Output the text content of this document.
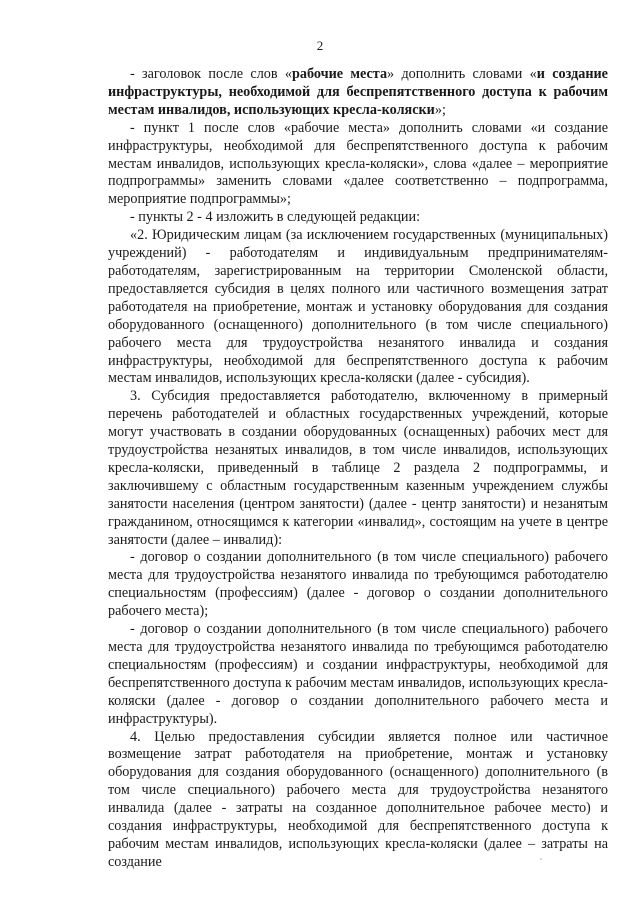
2

- заголовок после слов «рабочие места» дополнить словами «и создание инфраструктуры, необходимой для беспрепятственного доступа к рабочим местам инвалидов, использующих кресла-коляски»;

- пункт 1 после слов «рабочие места» дополнить словами «и создание инфраструктуры, необходимой для беспрепятственного доступа к рабочим местам инвалидов, использующих кресла-коляски», слова «далее – мероприятие подпрограммы» заменить словами «далее соответственно – подпрограмма, мероприятие подпрограммы»;

- пункты 2 - 4 изложить в следующей редакции:

«2. Юридическим лицам (за исключением государственных (муниципальных) учреждений) - работодателям и индивидуальным предпринимателям-работодателям, зарегистрированным на территории Смоленской области, предоставляется субсидия в целях полного или частичного возмещения затрат работодателя на приобретение, монтаж и установку оборудования для создания оборудованного (оснащенного) дополнительного (в том числе специального) рабочего места для трудоустройства незанятого инвалида и создания инфраструктуры, необходимой для беспрепятственного доступа к рабочим местам инвалидов, использующих кресла-коляски (далее - субсидия).

3. Субсидия предоставляется работодателю, включенному в примерный перечень работодателей и областных государственных учреждений, которые могут участвовать в создании оборудованных (оснащенных) рабочих мест для трудоустройства незанятых инвалидов, в том числе инвалидов, использующих кресла-коляски, приведенный в таблице 2 раздела 2 подпрограммы, и заключившему с областным государственным казенным учреждением службы занятости населения (центром занятости) (далее - центр занятости) и незанятым гражданином, относящимся к категории «инвалид», состоящим на учете в центре занятости (далее – инвалид):

- договор о создании дополнительного (в том числе специального) рабочего места для трудоустройства незанятого инвалида по требующимся работодателю специальностям (профессиям) (далее - договор о создании дополнительного рабочего места);

- договор о создании дополнительного (в том числе специального) рабочего места для трудоустройства незанятого инвалида по требующимся работодателю специальностям (профессиям) и создании инфраструктуры, необходимой для беспрепятственного доступа к рабочим местам инвалидов, использующих кресла-коляски (далее - договор о создании дополнительного рабочего места и инфраструктуры).

4. Целью предоставления субсидии является полное или частичное возмещение затрат работодателя на приобретение, монтаж и установку оборудования для создания оборудованного (оснащенного) дополнительного (в том числе специального) рабочего места для трудоустройства незанятого инвалида (далее - затраты на созданное дополнительное рабочее место) и создания инфраструктуры, необходимой для беспрепятственного доступа к рабочим местам инвалидов, использующих кресла-коляски (далее – затраты на создание
